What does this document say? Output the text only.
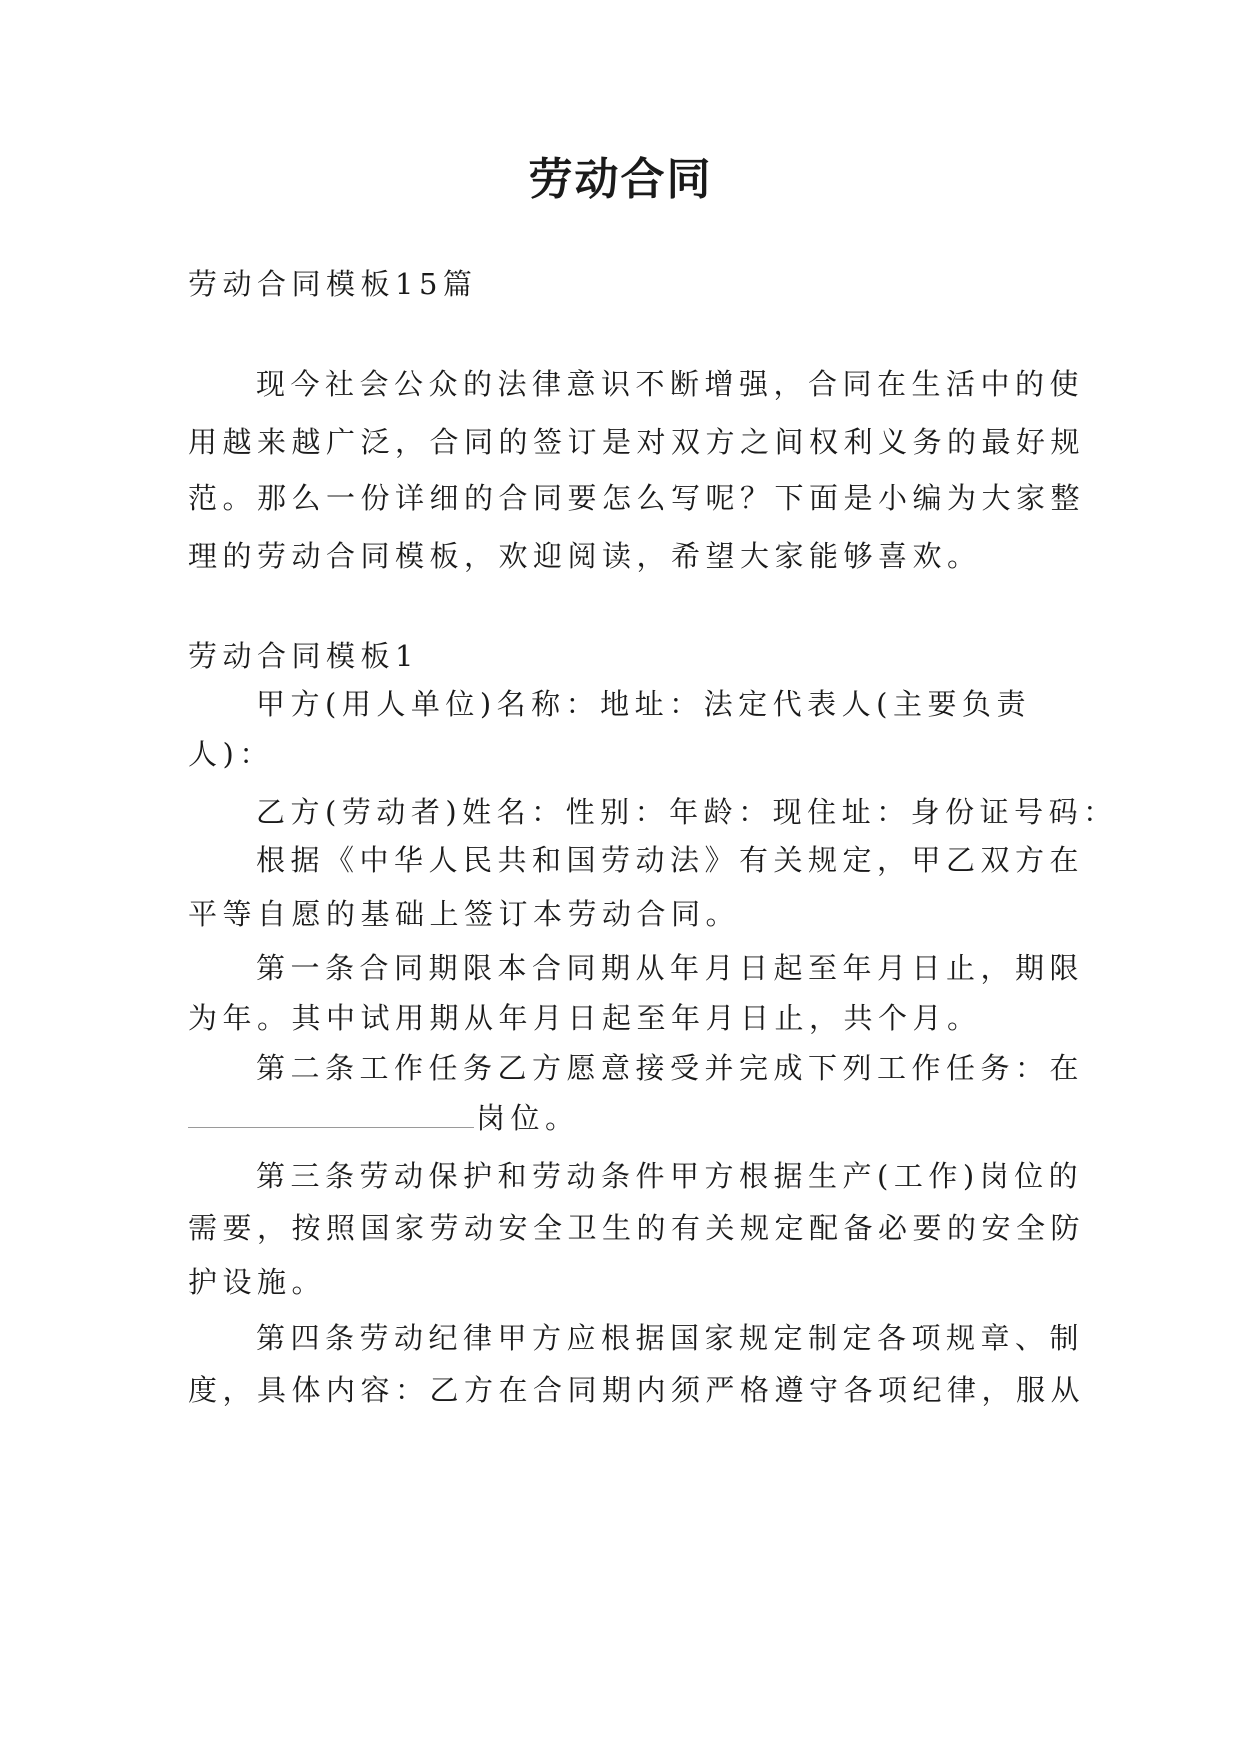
劳动合同

劳动合同模板15篇

现今社会公众的法律意识不断增强，合同在生活中的使

用越来越广泛，合同的签订是对双方之间权利义务的最好规

范。那么一份详细的合同要怎么写呢？下面是小编为大家整

理的劳动合同模板，欢迎阅读，希望大家能够喜欢。

劳动合同模板1

甲方(用人单位)名称：地址：法定代表人(主要负责

人)：

乙方(劳动者)姓名：性别：年龄：现住址：身份证号码：

根据《中华人民共和国劳动法》有关规定，甲乙双方在

平等自愿的基础上签订本劳动合同。

第一条合同期限本合同期从年月日起至年月日止，期限

为年。其中试用期从年月日起至年月日止，共个月。

第二条工作任务乙方愿意接受并完成下列工作任务：在

岗位。

第三条劳动保护和劳动条件甲方根据生产(工作)岗位的

需要，按照国家劳动安全卫生的有关规定配备必要的安全防

护设施。

第四条劳动纪律甲方应根据国家规定制定各项规章、制

度，具体内容：乙方在合同期内须严格遵守各项纪律，服从
